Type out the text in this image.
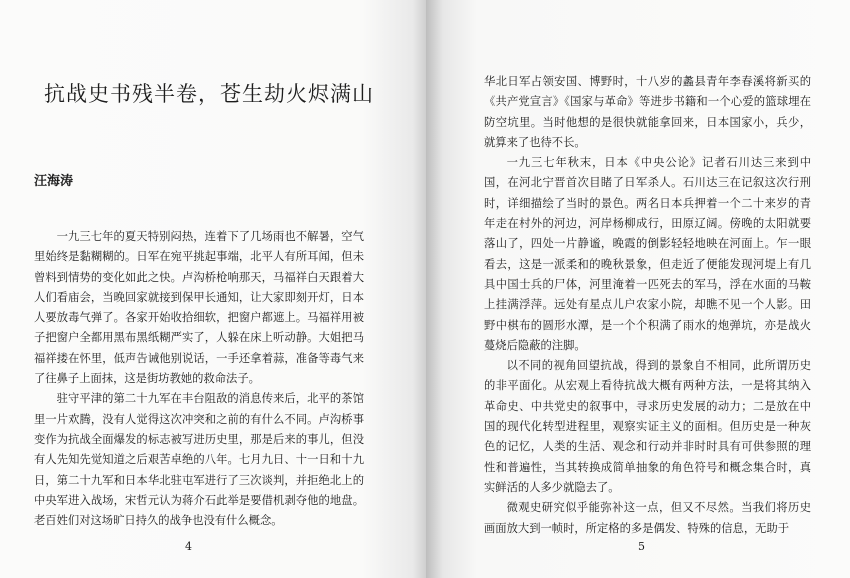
抗战史书残半卷，苍生劫火烬满山
汪海涛

一九三七年的夏天特别闷热，连着下了几场雨也不解暑，空气里始终是黏糊糊的。日军在宛平挑起事端，北平人有所耳闻，但未曾料到情势的变化如此之快。卢沟桥枪响那天，马福祥白天跟着大人们看庙会，当晚回家就接到保甲长通知，让大家即刻开灯，日本人要放毒气弹了。各家开始收拾细软，把窗户都遮上。马福祥用被子把窗户全都用黑布黑纸糊严实了，人躲在床上听动静。大姐把马福祥搂在怀里，低声告诫他别说话，一手还拿着蒜，准备等毒气来了往鼻子上面抹，这是街坊教她的救命法子。

驻守平津的第二十九军在丰台阻敌的消息传来后，北平的茶馆里一片欢腾，没有人觉得这次冲突和之前的有什么不同。卢沟桥事变作为抗战全面爆发的标志被写进历史里，那是后来的事儿，但没有人先知先觉知道之后艰苦卓绝的八年。七月九日、十一日和十九日，第二十九军和日本华北驻屯军进行了三次谈判，并拒绝北上的中央军进入战场，宋哲元认为蒋介石此举是要借机剥夺他的地盘。老百姓们对这场旷日持久的战争也没有什么概念。

4	5

华北日军占领安国、博野时，十八岁的蠡县青年李春溪将新买的《共产党宣言》《国家与革命》等进步书籍和一个心爱的篮球埋在防空坑里。当时他想的是很快就能拿回来，日本国家小，兵少，就算来了也待不长。

一九三七年秋末，日本《中央公论》记者石川达三来到中国，在河北宁晋首次目睹了日军杀人。石川达三在记叙这次行刑时，详细描绘了当时的景色。两名日本兵押着一个二十来岁的青年走在村外的河边，河岸杨柳成行，田原辽阔。傍晚的太阳就要落山了，四处一片静谧，晚霞的倒影轻轻地映在河面上。乍一眼看去，这是一派柔和的晚秋景象，但走近了便能发现河堤上有几具中国士兵的尸体，河里淹着一匹死去的军马，浮在水面的马鞍上挂满浮萍。远处有星点儿户农家小院，却瞧不见一个人影。田野中棋布的圆形水潭，是一个个积满了雨水的炮弹坑，亦是战火蔓烧后隐蔽的注脚。

以不同的视角回望抗战，得到的景象自不相同，此所谓历史的非平面化。从宏观上看待抗战大概有两种方法，一是将其纳入革命史、中共党史的叙事中，寻求历史发展的动力；二是放在中国的现代化转型进程里，观察实证主义的面相。但历史是一种灰色的记忆，人类的生活、观念和行动并非时时具有可供参照的理性和普遍性，当其转换成简单抽象的角色符号和概念集合时，真实鲜活的人多少就隐去了。

微观史研究似乎能弥补这一点，但又不尽然。当我们将历史画面放大到一帧时，所定格的多是偶发、特殊的信息，无助于
